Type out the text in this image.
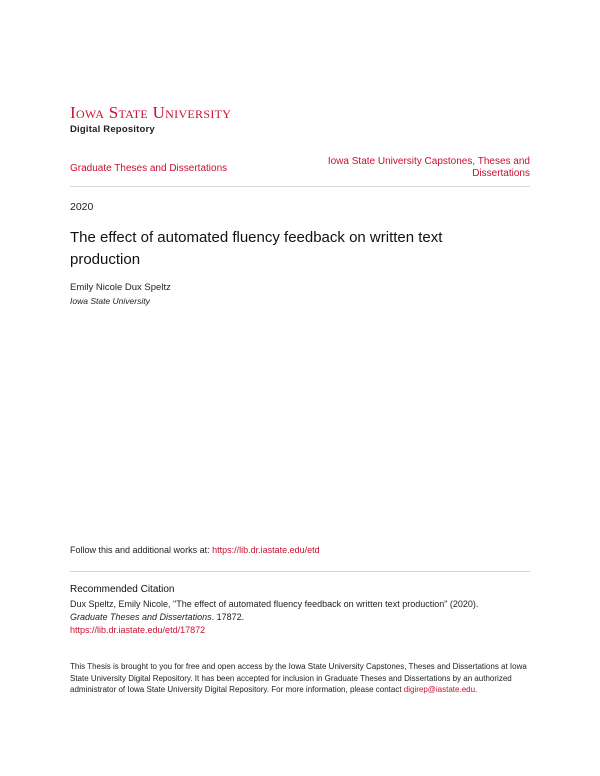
Iowa State University
Digital Repository
Graduate Theses and Dissertations
Iowa State University Capstones, Theses and Dissertations
2020
The effect of automated fluency feedback on written text production
Emily Nicole Dux Speltz
Iowa State University
Follow this and additional works at: https://lib.dr.iastate.edu/etd
Recommended Citation
Dux Speltz, Emily Nicole, "The effect of automated fluency feedback on written text production" (2020).
Graduate Theses and Dissertations. 17872.
https://lib.dr.iastate.edu/etd/17872
This Thesis is brought to you for free and open access by the Iowa State University Capstones, Theses and Dissertations at Iowa State University Digital Repository. It has been accepted for inclusion in Graduate Theses and Dissertations by an authorized administrator of Iowa State University Digital Repository. For more information, please contact digirep@iastate.edu.
